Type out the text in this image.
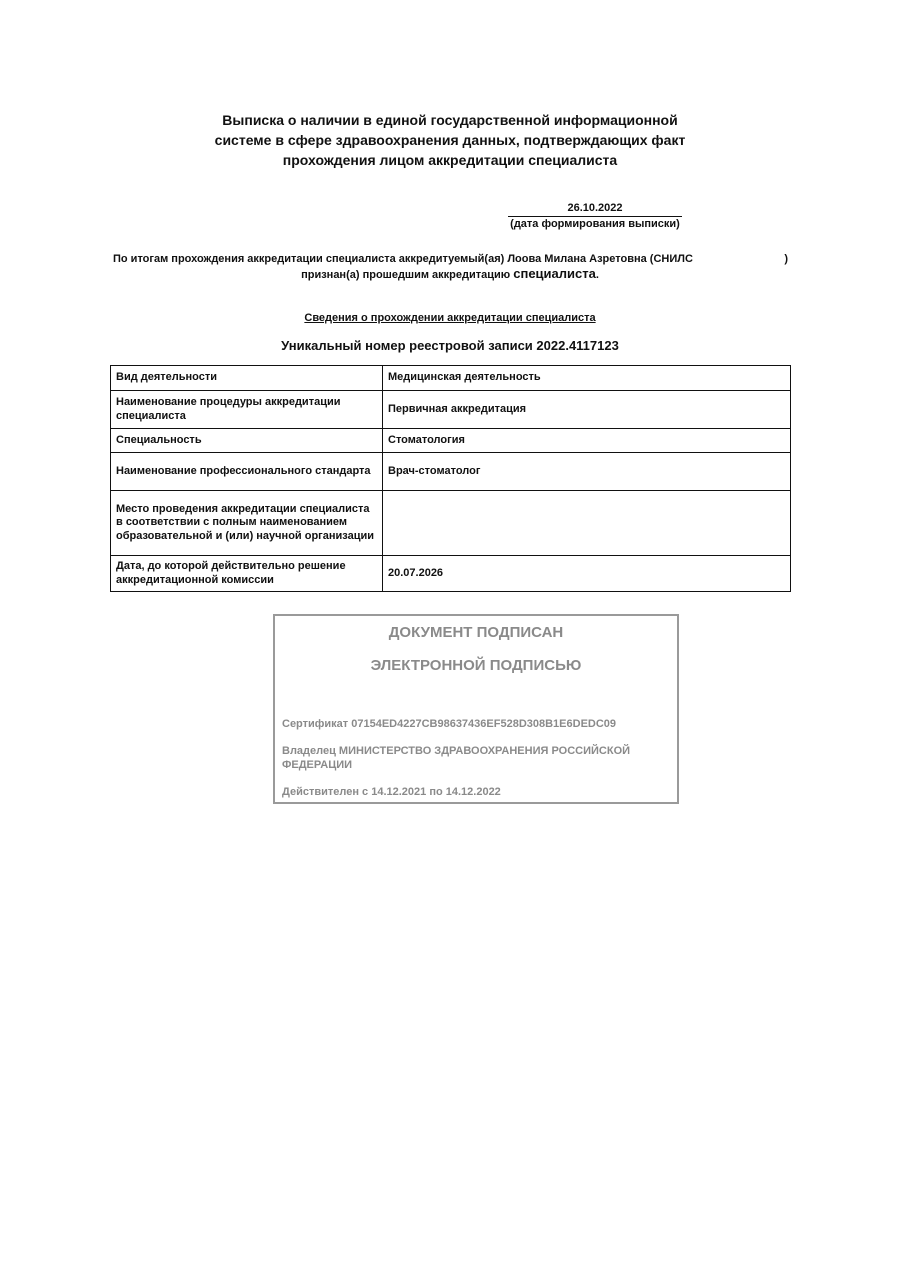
Выписка о наличии в единой государственной информационной
системе в сфере здравоохранения данных, подтверждающих факт
прохождения лицом аккредитации специалиста
26.10.2022
(дата формирования выписки)
По итогам прохождения аккредитации специалиста аккредитуемый(ая) Лоова Милана Азретовна (СНИЛС	)
признан(а) прошедшим аккредитацию специалиста.
Сведения о прохождении аккредитации специалиста
Уникальный номер реестровой записи 2022.4117123
Вид деятельности	Медицинская деятельность
Наименование процедуры аккредитации специалиста	Первичная аккредитация
Специальность	Стоматология
Наименование профессионального стандарта	Врач-стоматолог
Место проведения аккредитации специалиста в соответствии с полным наименованием образовательной и (или) научной организации	
Дата, до которой действительно решение аккредитационной комиссии	20.07.2026
ДОКУМЕНТ ПОДПИСАН
ЭЛЕКТРОННОЙ ПОДПИСЬЮ
Сертификат 07154ED4227CB98637436EF528D308B1E6DEDC09
Владелец МИНИСТЕРСТВО ЗДРАВООХРАНЕНИЯ РОССИЙСКОЙ ФЕДЕРАЦИИ
Действителен с 14.12.2021 по 14.12.2022
